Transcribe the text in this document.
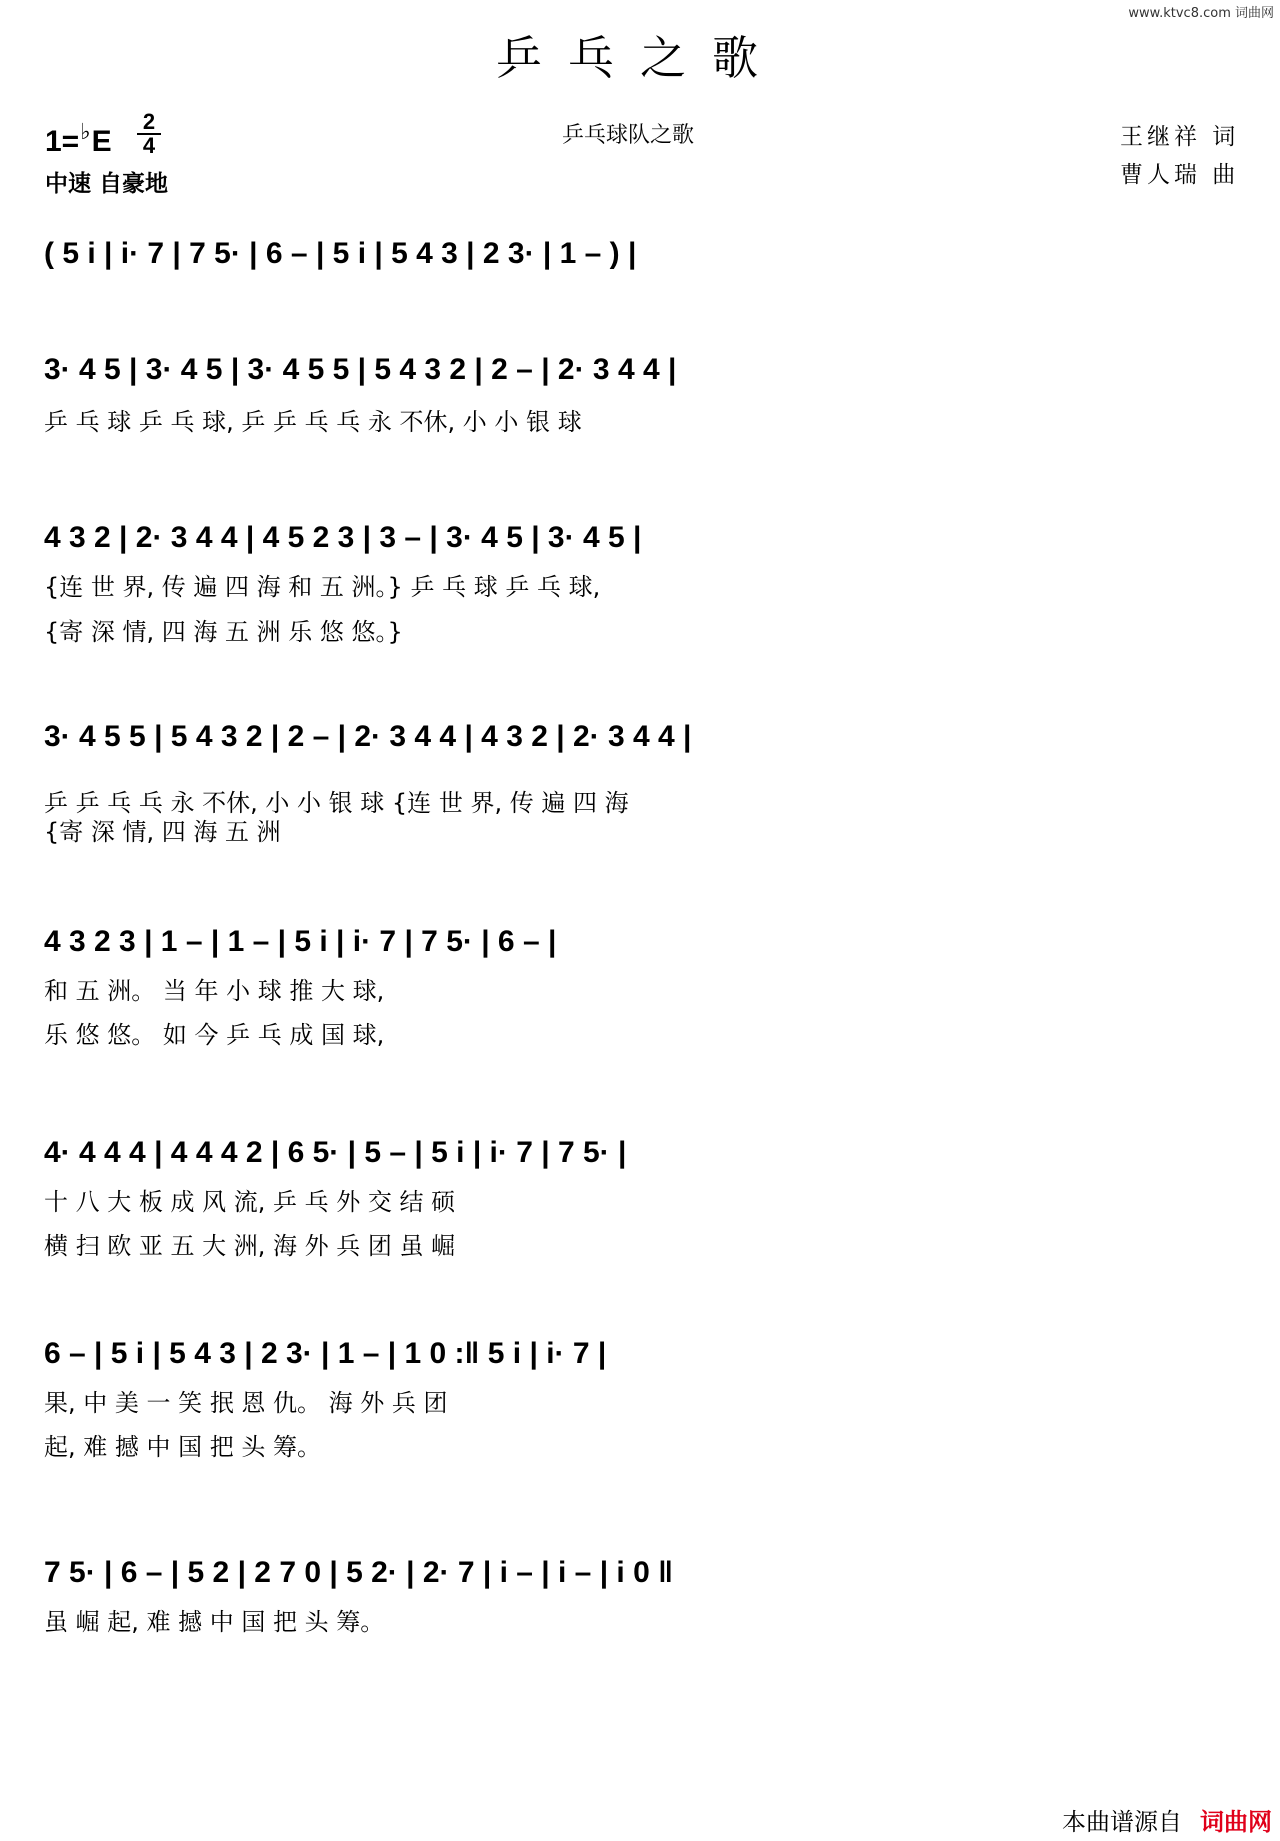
www.ktvc8.com 词曲网
乒乓之歌
1=♭E
2
4
中速 自豪地
乒乓球队之歌	王继祥 词
曹人瑞 曲
( 5 i | i· 7 | 7 5· | 6 – | 5 i | 5 4 3 | 2 3· | 1 – ) |
3· 4 5 | 3· 4 5 | 3· 4 5 5 | 5 4 3 2 | 2 – | 2· 3 4 4 |
乒 乓 球 乒 乓 球, 乒 乒 乓 乓 永 不休, 小 小 银 球
4 3 2 | 2· 3 4 4 | 4 5 2 3 | 3 – | 3· 4 5 | 3· 4 5 |
{连 世 界, 传 遍 四 海 和 五 洲。} 乒 乓 球 乒 乓 球,
{寄 深 情, 四 海 五 洲 乐 悠 悠。}
3· 4 5 5 | 5 4 3 2 | 2 – | 2· 3 4 4 | 4 3 2 | 2· 3 4 4 |
乒 乒 乓 乓 永 不休, 小 小 银 球 {连 世 界, 传 遍 四 海
{寄 深 情, 四 海 五 洲
4 3 2 3 | 1 – | 1 – | 5 i | i· 7 | 7 5· | 6 – |
和 五 洲。 当 年 小 球 推 大 球,
乐 悠 悠。 如 今 乒 乓 成 国 球,
4· 4 4 4 | 4 4 4 2 | 6 5· | 5 – | 5 i | i· 7 | 7 5· |
十 八 大 板 成 风 流, 乒 乓 外 交 结 硕
横 扫 欧 亚 五 大 洲, 海 外 兵 团 虽 崛
6 – | 5 i | 5 4 3 | 2 3· | 1 – | 1 0 :‖ 5 i | i· 7 |
果, 中 美 一 笑 抿 恩 仇。 海 外 兵 团
起, 难 撼 中 国 把 头 筹。
7 5· | 6 – | 5 2 | 2 7 0 | 5 2· | 2· 7 | i – | i – | i 0 ‖
虽 崛 起, 难 撼 中 国 把 头 筹。
本曲谱源自 词曲网
